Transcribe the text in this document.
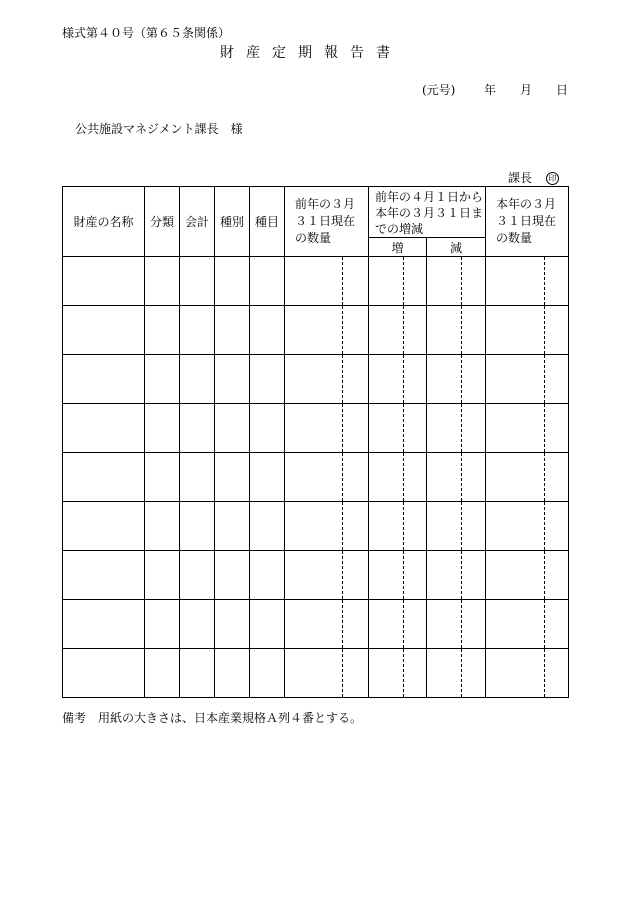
様式第４０号（第６５条関係）
財産定期報告書
(元号) 年 月 日
公共施設マネジメント課長　様
課長 印
財産の名称	分類	会計	種別	種目	前年の３月３１日現在の数量	前年の４月１日から本年の３月３１日までの増減		本年の３月３１日現在の数量

						増	減	

備考　用紙の大きさは、日本産業規格Ａ列４番とする。
